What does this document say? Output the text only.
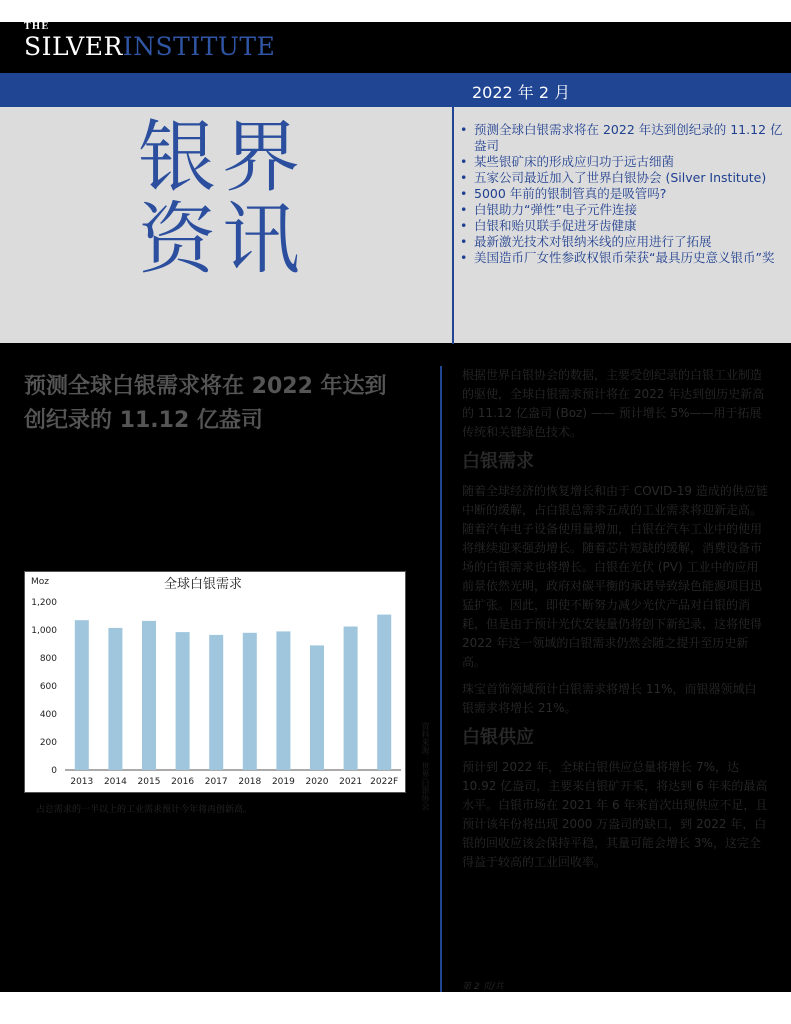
THE
SILVERINSTITUTE
2022 年 2 月
银界
资讯
• 预测全球白银需求将在 2022 年达到创纪录的 11.12 亿盎司
• 某些银矿床的形成应归功于远古细菌
• 五家公司最近加入了世界白银协会 (Silver Institute)
• 5000 年前的银制管真的是吸管吗?
• 白银助力“弹性”电子元件连接
• 白银和贻贝联手促进牙齿健康
• 最新激光技术对银纳米线的应用进行了拓展
• 美国造币厂女性参政权银币荣获“最具历史意义银币”奖
预测全球白银需求将在 2022 年达到创纪录的 11.12 亿盎司

根据世界白银协会的数据，主要受创纪录的白银工业制造的驱使，全球白银需求预计将在 2022 年达到创历史新高的 11.12 亿盎司 (Boz) —— 预计增长 5%——用于拓展传统和关键绿色技术。

白银需求

随着全球经济的恢复增长和由于 COVID-19 造成的供应链中断的缓解，占白银总需求五成的工业需求将迎新走高。随着汽车电子设备使用量增加，白银在汽车工业中的使用将继续迎来强劲增长。随着芯片短缺的缓解，消费设备市场的白银需求也将增长。白银在光伏 (PV) 工业中的应用前景依然光明，政府对碳平衡的承诺导致绿色能源项目迅猛扩张。因此，即使不断努力减少光伏产品对白银的消耗，但是由于预计光伏安装量仍将创下新纪录，这将使得 2022 年这一领域的白银需求仍然会随之提升至历史新高。

珠宝首饰领域预计白银需求将增长 11%，而银器领域白银需求将增长 21%。

白银供应

预计到 2022 年，全球白银供应总量将增长 7%，达 10.92 亿盎司，主要来自银矿开采，将达到 6 年来的最高水平。白银市场在 2021 年 6 年来首次出现供应不足，且预计该年份将出现 2000 万盎司的缺口，到 2022 年，白银的回收应该会保持平稳，其量可能会增长 3%，这完全得益于较高的工业回收率。

全球白银需求
Moz
0
200
400
600
800
1,000
1,200
2013 2014 2015 2016 2017 2018 2019 2020 2021 2022F	资料来源：世界白银协会
占总需求的一半以上的工业需求预计今年将再创新高。
第 2 页/共
